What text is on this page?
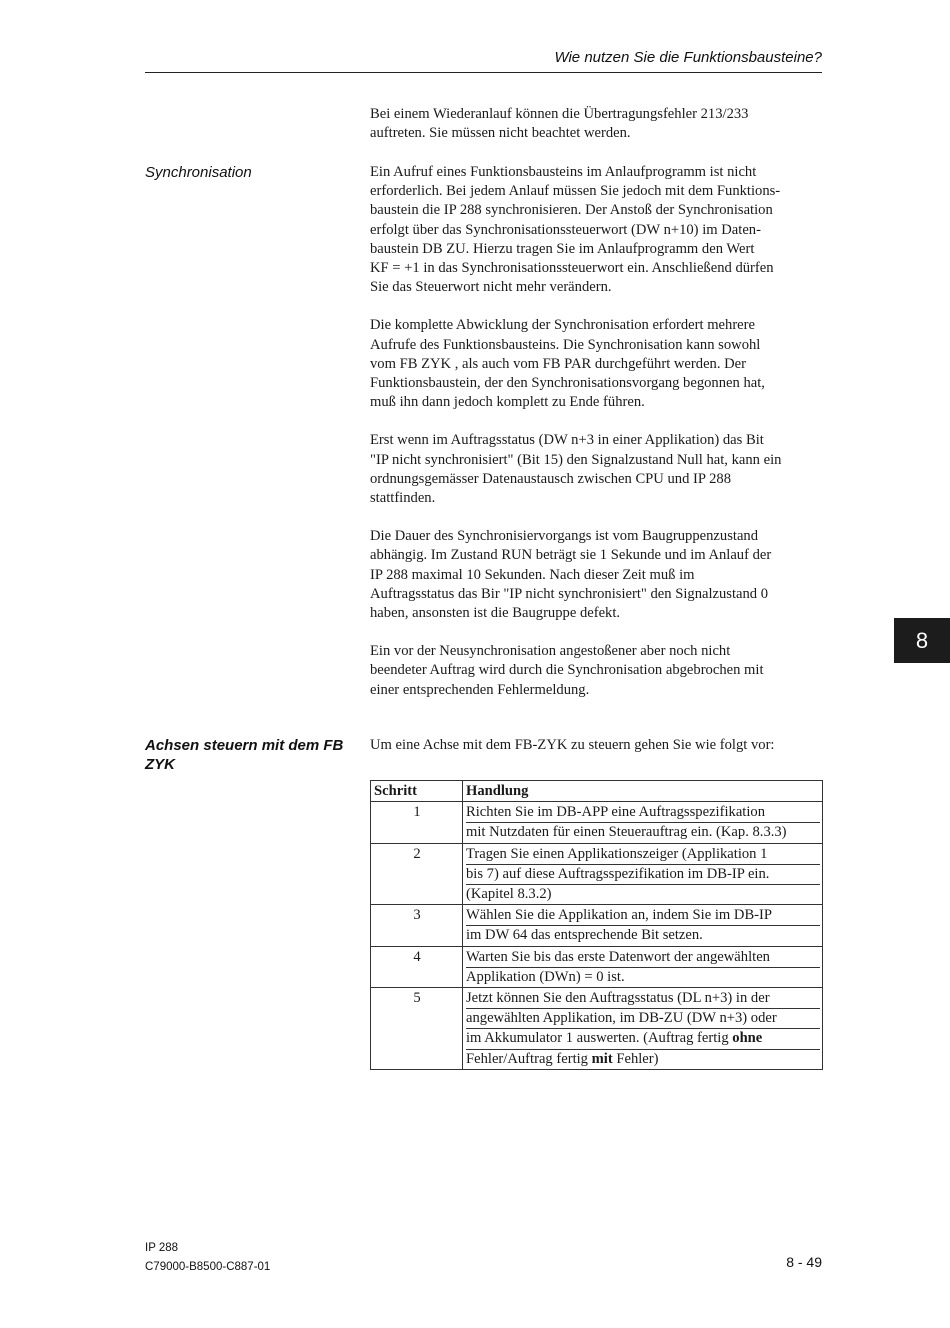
Wie nutzen Sie die Funktionsbausteine?

Bei einem Wiederanlauf können die Übertragungsfehler 213/233
auftreten. Sie müssen nicht beachtet werden.

Synchronisation	Ein Aufruf eines Funktionsbausteins im Anlaufprogramm ist nicht
erforderlich. Bei jedem Anlauf müssen Sie jedoch mit dem Funktions-
baustein die IP 288 synchronisieren. Der Anstoß der Synchronisation
erfolgt über das Synchronisationssteuerwort (DW n+10) im Daten-
baustein DB ZU. Hierzu tragen Sie im Anlaufprogramm den Wert
KF = +1 in das Synchronisationssteuerwort ein. Anschließend dürfen
Sie das Steuerwort nicht mehr verändern.

Die komplette Abwicklung der Synchronisation erfordert mehrere
Aufrufe des Funktionsbausteins. Die Synchronisation kann sowohl
vom FB ZYK , als auch vom FB PAR durchgeführt werden. Der
Funktionsbaustein, der den Synchronisationsvorgang begonnen hat,
muß ihn dann jedoch komplett zu Ende führen.

Erst wenn im Auftragsstatus (DW n+3 in einer Applikation) das Bit
"IP nicht synchronisiert" (Bit 15) den Signalzustand Null hat, kann ein
ordnungsgemässer Datenaustausch zwischen CPU und IP 288
stattfinden.

Die Dauer des Synchronisiervorgangs ist vom Baugruppenzustand
abhängig. Im Zustand RUN beträgt sie 1 Sekunde und im Anlauf der
IP 288 maximal 10 Sekunden. Nach dieser Zeit muß im
Auftragsstatus das Bir "IP nicht synchronisiert" den Signalzustand 0
haben, ansonsten ist die Baugruppe defekt.

Ein vor der Neusynchronisation angestoßener aber noch nicht
beendeter Auftrag wird durch die Synchronisation abgebrochen mit
einer entsprechenden Fehlermeldung.

Achsen steuern mit dem FB ZYK

Um eine Achse mit dem FB-ZYK zu steuern gehen Sie wie folgt vor:

Schritt	Handlung
1	Richten Sie im DB-APP eine Auftragsspezifikation
mit Nutzdaten für einen Steuerauftrag ein. (Kap. 8.3.3)
2	Tragen Sie einen Applikationszeiger (Applikation 1
bis 7) auf diese Auftragsspezifikation im DB-IP ein.
(Kapitel 8.3.2)
3	Wählen Sie die Applikation an, indem Sie im DB-IP
im DW 64 das entsprechende Bit setzen.
4	Warten Sie bis das erste Datenwort der angewählten
Applikation (DWn) = 0 ist.
5	Jetzt können Sie den Auftragsstatus (DL n+3) in der
angewählten Applikation, im DB-ZU (DW n+3) oder
im Akkumulator 1 auswerten. (Auftrag fertig ohne
Fehler/Auftrag fertig mit Fehler)
8
IP 288
C79000-B8500-C887-01	8 - 49
